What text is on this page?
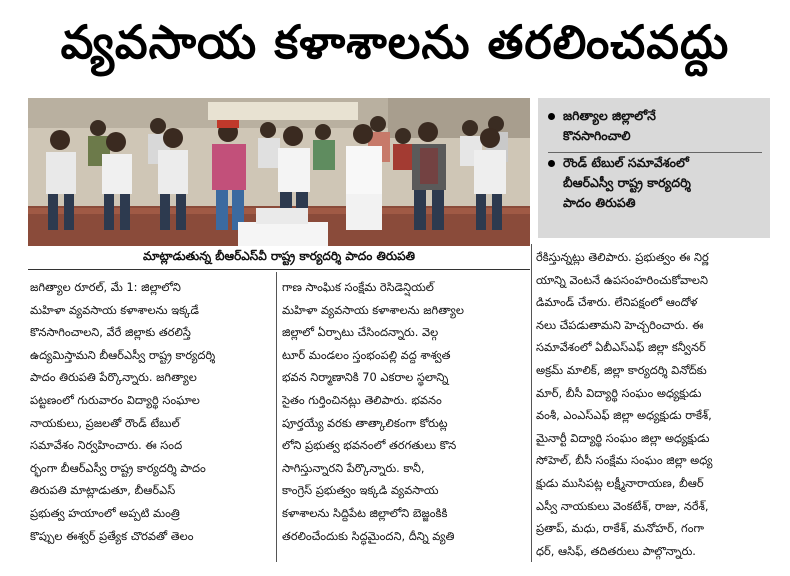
వ్యవసాయ కళాశాలను తరలించవద్దు
మాట్లాడుతున్న బీఆర్‌ఎస్‌వీ రాష్ట్ర కార్యదర్శి పాదం తిరుపతి
జగిత్యాల జిల్లాలోనే
కొనసాగించాలి
రౌండ్‌ టేబుల్‌ సమావేశంలో
బీఆర్‌ఎస్వీ రాష్ట్ర కార్యదర్శి
పాదం తిరుపతి
జగిత్యాల రూరల్‌, మే 1: జిల్లాలోని
మహిళా వ్యవసాయ కళాశాలను ఇక్కడే
కొనసాగించాలని, వేరే జిల్లాకు తరలిస్తే
ఉద్యమిస్తామని బీఆర్‌ఎస్వీ రాష్ట్ర కార్యదర్శి
పాదం తిరుపతి పేర్కొన్నారు. జగిత్యాల
పట్టణంలో గురువారం విద్యార్థి సంఘాల
నాయకులు, ప్రజలతో రౌండ్‌ టేబుల్‌
సమావేశం నిర్వహించారు. ఈ సంద
ర్భంగా బీఆర్‌ఎస్వీ రాష్ట్ర కార్యదర్శి పాదం
తిరుపతి మాట్లాడుతూ, బీఆర్‌ఎస్‌
ప్రభుత్వ హయాంలో అప్పటి మంత్రి
కొప్పుల ఈశ్వర్‌ ప్రత్యేక చొరవతో తెలం
గాణ సాంఘిక సంక్షేమ రెసిడెన్షియల్‌
మహిళా వ్యవసాయ కళాశాలను జగిత్యాల
జిల్లాలో ఏర్పాటు చేసిందన్నారు. వెల్గ
టూర్‌ మండలం స్తంభంపల్లి వద్ద శాశ్వత
భవన నిర్మాణానికి 70 ఎకరాల స్థలాన్ని
సైతం గుర్తించినట్లు తెలిపారు. భవనం
పూర్తయ్యే వరకు తాత్కాలికంగా కోరుట్ల
లోని ప్రభుత్వ భవనంలో తరగతులు కొన
సాగిస్తున్నారని పేర్కొన్నారు. కానీ,
కాంగ్రెస్‌ ప్రభుత్వం ఇక్కడి వ్యవసాయ
కళాశాలను సిద్దిపేట జిల్లాలోని బెజ్జంకికి
తరలించేందుకు సిద్ధమైందని, దీన్ని వ్యతి
రేకిస్తున్నట్లు తెలిపారు. ప్రభుత్వం ఈ నిర్ణ
యాన్ని వెంటనే ఉపసంహరించుకోవాలని
డిమాండ్‌ చేశారు. లేనిపక్షంలో ఆందోళ
నలు చేపడుతామని హెచ్చరించారు. ఈ
సమావేశంలో ఏబీఎస్‌ఎఫ్‌ జిల్లా కన్వీనర్‌
అక్రమ్‌ మాలిక్‌, జిల్లా కార్యదర్శి వినోద్‌కు
మార్‌, బీసీ విద్యార్థి సంఘం అధ్యక్షుడు
వంశీ, ఎంఎస్‌ఎఫ్‌ జిల్లా అధ్యక్షుడు రాకేశ్‌,
మైనార్టీ విద్యార్థి సంఘం జిల్లా అధ్యక్షుడు
సోహెల్‌, బీసీ సంక్షేమ సంఘం జిల్లా అధ్య
క్షుడు ముసిపట్ల లక్ష్మీనారాయణ, బీఆర్‌
ఎస్వీ నాయకులు వెంకటేశ్‌, రాజు, నరేశ్‌,
ప్రతాప్‌, మధు, రాకేశ్‌, మనోహర్‌, గంగా
ధర్‌, ఆసిఫ్‌, తదితరులు పాల్గొన్నారు.
